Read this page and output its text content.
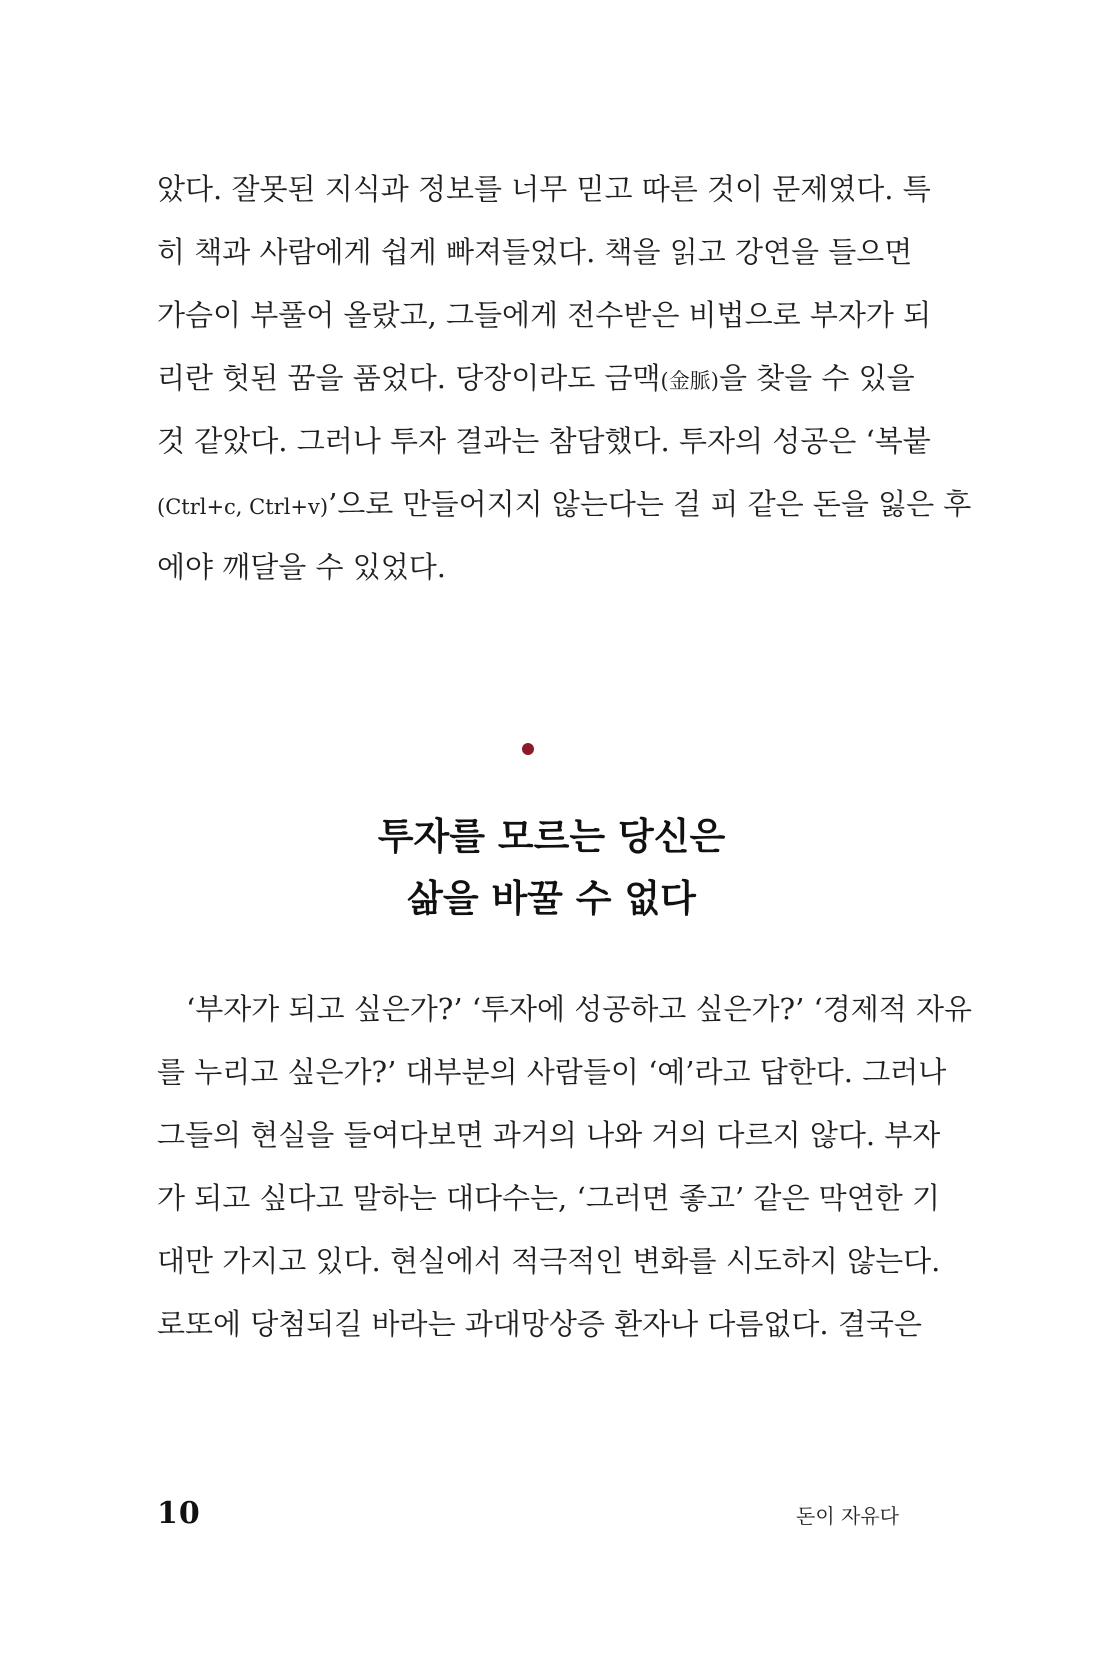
았다. 잘못된 지식과 정보를 너무 믿고 따른 것이 문제였다. 특
히 책과 사람에게 쉽게 빠져들었다. 책을 읽고 강연을 들으면
가슴이 부풀어 올랐고, 그들에게 전수받은 비법으로 부자가 되
리란 헛된 꿈을 품었다. 당장이라도 금맥(金脈)을 찾을 수 있을
것 같았다. 그러나 투자 결과는 참담했다. 투자의 성공은 ‘복붙
(Ctrl+c, Ctrl+v)’으로 만들어지지 않는다는 걸 피 같은 돈을 잃은 후
에야 깨달을 수 있었다.

투자를 모르는 당신은
삶을 바꿀 수 없다

　‘부자가 되고 싶은가?’ ‘투자에 성공하고 싶은가?’ ‘경제적 자유
를 누리고 싶은가?’ 대부분의 사람들이 ‘예’라고 답한다. 그러나
그들의 현실을 들여다보면 과거의 나와 거의 다르지 않다. 부자
가 되고 싶다고 말하는 대다수는, ‘그러면 좋고’ 같은 막연한 기
대만 가지고 있다. 현실에서 적극적인 변화를 시도하지 않는다.
로또에 당첨되길 바라는 과대망상증 환자나 다름없다. 결국은

10	돈이 자유다
